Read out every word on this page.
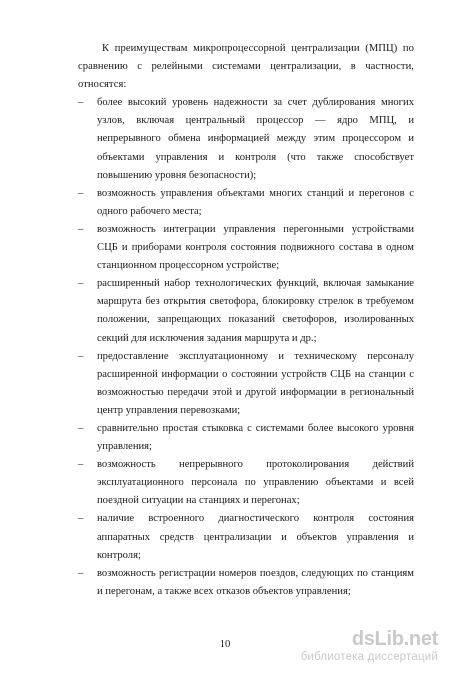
К преимуществам микропроцессорной централизации (МПЦ) по сравнению с релейными системами централизации, в частности, относятся:

–	более высокий уровень надежности за счет дублирования многих узлов, включая центральный процессор — ядро МПЦ, и непрерывного обмена информацией между этим процессором и объектами управления и контроля (что также способствует повышению уровня безопасности);
–	возможность управления объектами многих станций и перегонов с одного рабочего места;
–	возможность интеграции управления перегонными устройствами СЦБ и приборами контроля состояния подвижного состава в одном станционном процессорном устройстве;
–	расширенный набор технологических функций, включая замыкание маршрута без открытия светофора, блокировку стрелок в требуемом положении, запрещающих показаний светофоров, изолированных секций для исключения задания маршрута и др.;
–	предоставление эксплуатационному и техническому персоналу расширенной информации о состоянии устройств СЦБ на станции с возможностью передачи этой и другой информации в региональный центр управления перевозками;
–	сравнительно простая стыковка с системами более высокого уровня управления;
–	возможность непрерывного протоколирования действий эксплуатационного персонала по управлению объектами и всей поездной ситуации на станциях и перегонах;
–	наличие встроенного диагностического контроля состояния аппаратных средств централизации и объектов управления и контроля;
–	возможность регистрации номеров поездов, следующих по станциям и перегонам, а также всех отказов объектов управления;
10	dsLib.net
библиотека диссертаций
